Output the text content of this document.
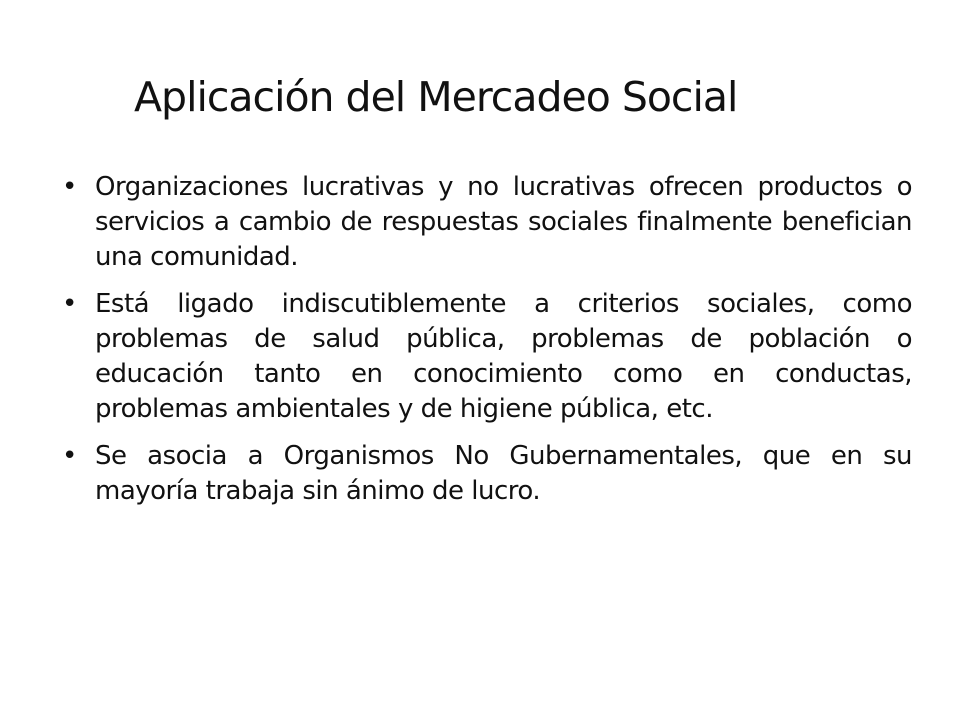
Aplicación del Mercadeo Social
• Organizaciones lucrativas y no lucrativas ofrecen productos o servicios a cambio de respuestas sociales finalmente benefician una comunidad.
• Está ligado indiscutiblemente a criterios sociales, como problemas de salud pública, problemas de población o educación tanto en conocimiento como en conductas, problemas ambientales y de higiene pública, etc.
• Se asocia a Organismos No Gubernamentales, que en su mayoría trabaja sin ánimo de lucro.
